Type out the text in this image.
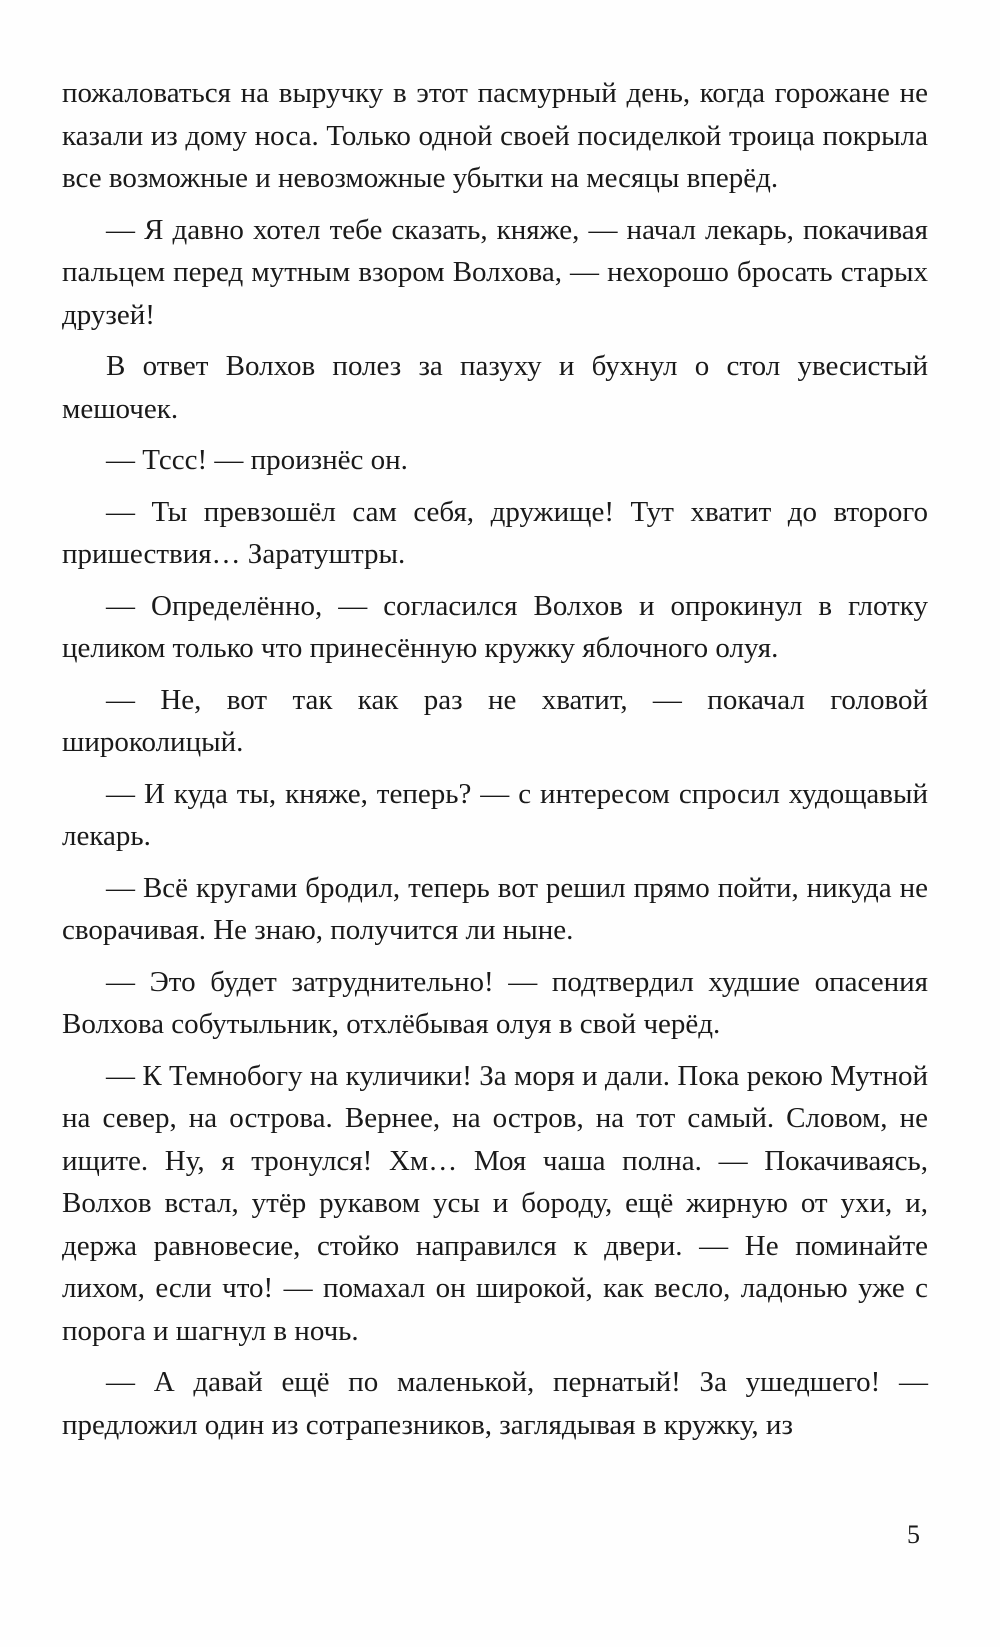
пожаловаться на выручку в этот пасмурный день, когда горожане не казали из дому носа. Только одной своей посиделкой троица покрыла все возможные и невозможные убытки на месяцы вперёд.

— Я давно хотел тебе сказать, княже, — начал лекарь, покачивая пальцем перед мутным взором Волхова, — нехорошо бросать старых друзей!

В ответ Волхов полез за пазуху и бухнул о стол увесистый мешочек.

— Тссс! — произнёс он.

— Ты превзошёл сам себя, дружище! Тут хватит до второго пришествия… Заратуштры.

— Определённо, — согласился Волхов и опрокинул в глотку целиком только что принесённую кружку яблочного олуя.

— Не, вот так как раз не хватит, — покачал головой широколицый.

— И куда ты, княже, теперь? — с интересом спросил худощавый лекарь.

— Всё кругами бродил, теперь вот решил прямо пойти, никуда не сворачивая. Не знаю, получится ли ныне.

— Это будет затруднительно! — подтвердил худшие опасения Волхова собутыльник, отхлёбывая олуя в свой черёд.

— К Темнобогу на куличики! За моря и дали. Пока рекою Мутной на север, на острова. Вернее, на остров, на тот самый. Словом, не ищите. Ну, я тронулся! Хм… Моя чаша полна. — Покачиваясь, Волхов встал, утёр рукавом усы и бороду, ещё жирную от ухи, и, держа равновесие, стойко направился к двери. — Не поминайте лихом, если что! — помахал он широкой, как весло, ладонью уже с порога и шагнул в ночь.

— А давай ещё по маленькой, пернатый! За ушедшего! — предложил один из сотрапезников, заглядывая в кружку, из

5
